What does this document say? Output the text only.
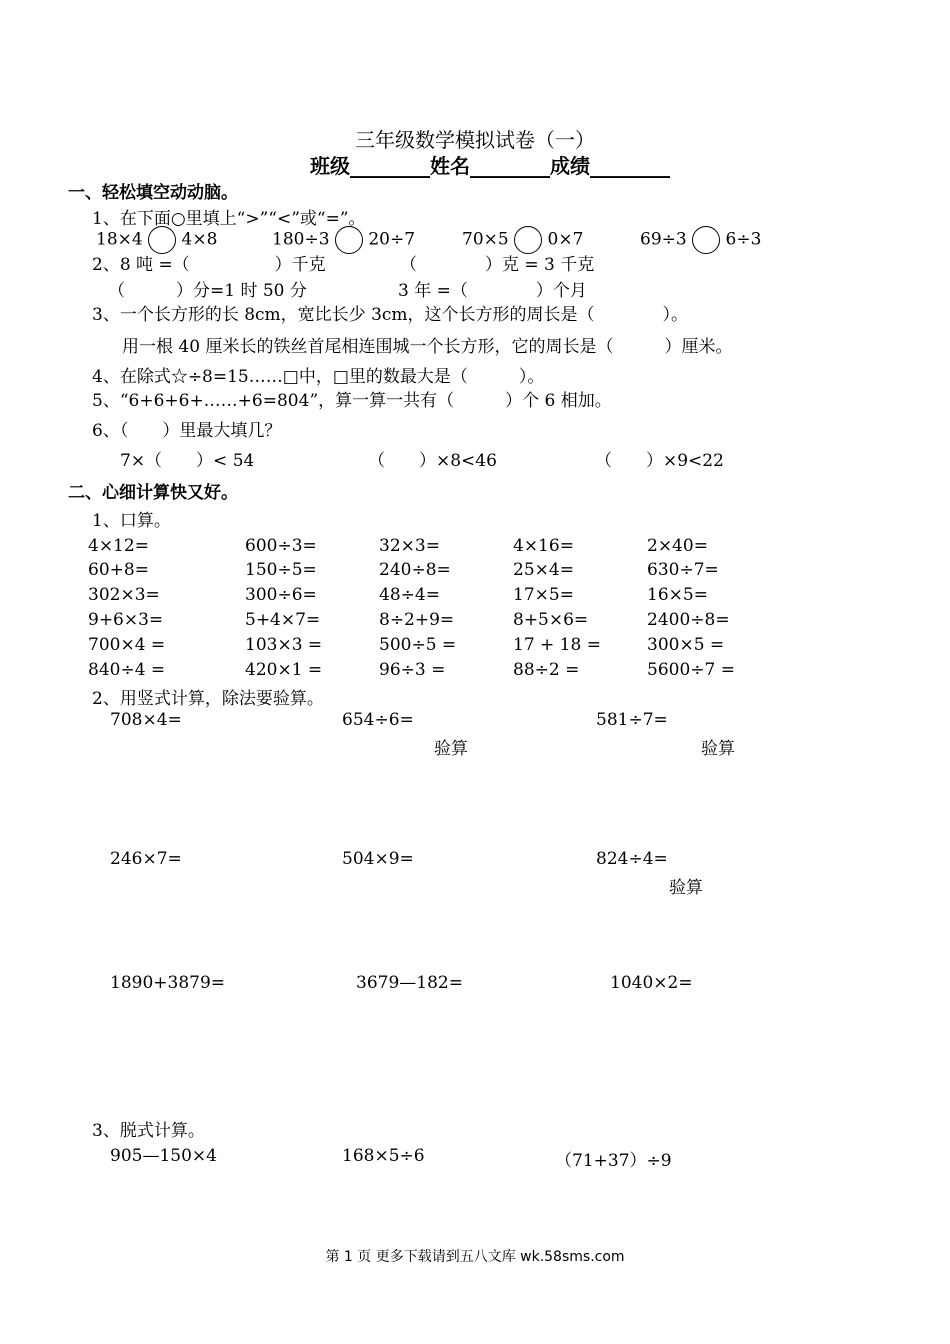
三年级数学模拟试卷（一）
班级________姓名________成绩________
一、轻松填空动动脑。
1、在下面○里填上“>”“<”或“=”。
18×4 4×8	180÷3 20÷7	70×5 0×7	69÷3 6÷3
2、8 吨 =（　　　　　）千克	（　　　　）克 = 3 千克
（　　　）分=1 时 50 分	3 年 =（　　　　）个月
3、一个长方形的长 8cm，宽比长少 3cm，这个长方形的周长是（　　　　）。
用一根 40 厘米长的铁丝首尾相连围城一个长方形，它的周长是（　　　）厘米。
4、在除式☆÷8=15……□中，□里的数最大是（　　　）。
5、“6+6+6+……+6=804”，算一算一共有（　　　）个 6 相加。
6、（　　）里最大填几？
7×（　　）< 54	（　　）×8<46	（　　）×9<22
二、心细计算快又好。
1、口算。
4×12=	600÷3=	32×3=	4×16=	2×40=
60+8=	150÷5=	240÷8=	25×4=	630÷7=
302×3=	300÷6=	48÷4=	17×5=	16×5=
9+6×3=	5+4×7=	8÷2+9=	8+5×6=	2400÷8=
700×4 =	103×3 =	500÷5 =	17 + 18 =	300×5 =
840÷4 =	420×1 =	96÷3 =	88÷2 =	5600÷7 =
2、用竖式计算，除法要验算。
708×4=	654÷6=	581÷7=
验算	验算
246×7=	504×9=	824÷4=
验算
1890+3879=	3679—182=	1040×2=
3、脱式计算。
905—150×4	168×5÷6	（71+37）÷9
第 1 页 更多下载请到五八文库 wk.58sms.com
